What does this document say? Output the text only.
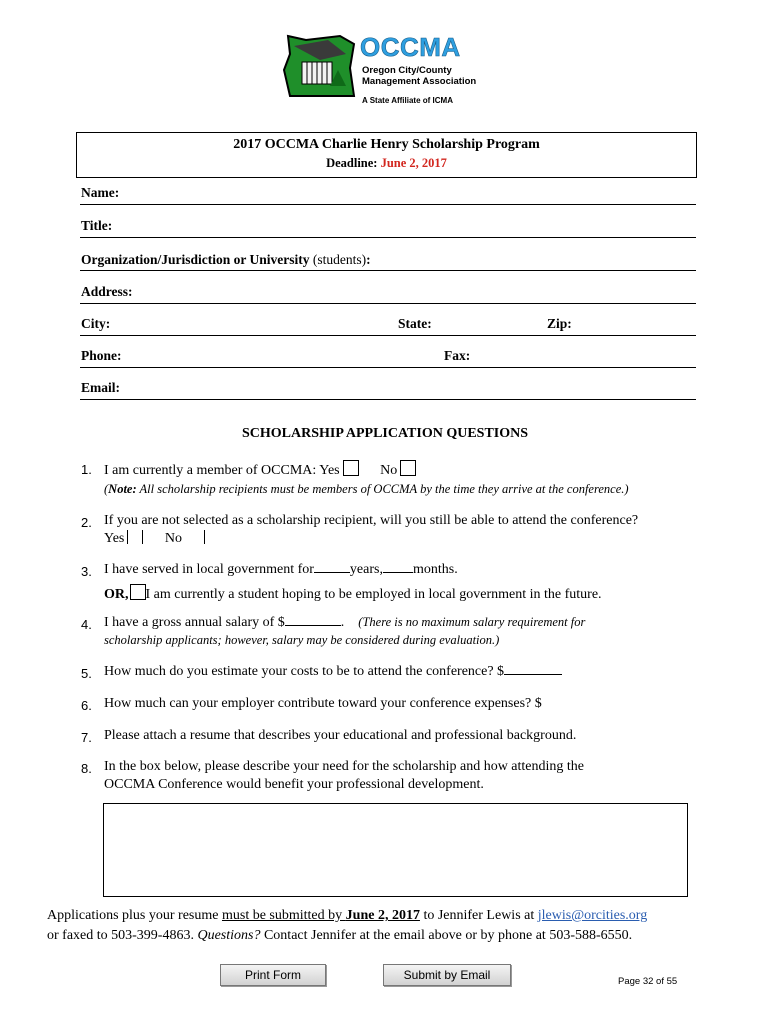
OCCMA
Oregon City/County
Management Association
A State Affiliate of ICMA
2017 OCCMA Charlie Henry Scholarship Program
Deadline: June 2, 2017
Name:
Title:
Organization/Jurisdiction or University (students):
Address:
City:	State:	Zip:
Phone:	Fax:
Email:
SCHOLARSHIP APPLICATION QUESTIONS
1. I am currently a member of OCCMA: Yes	No
(Note: All scholarship recipients must be members of OCCMA by the time they arrive at the conference.)
2. If you are not selected as a scholarship recipient, will you still be able to attend the conference?
Yes	No
3. I have served in local government for	years, months.
OR, I am currently a student hoping to be employed in local government in the future.
4. I have a gross annual salary of $	.    (There is no maximum salary requirement for
scholarship applicants; however, salary may be considered during evaluation.)
5. How much do you estimate your costs to be to attend the conference? $
6. How much can your employer contribute toward your conference expenses? $
7. Please attach a resume that describes your educational and professional background.
8. In the box below, please describe your need for the scholarship and how attending the
OCCMA Conference would benefit your professional development.
Applications plus your resume must be submitted by June 2, 2017 to Jennifer Lewis at jlewis@orcities.org
or faxed to 503-399-4863. Questions? Contact Jennifer at the email above or by phone at 503-588-6550.
Print Form	Submit by Email	Page 32 of 55
